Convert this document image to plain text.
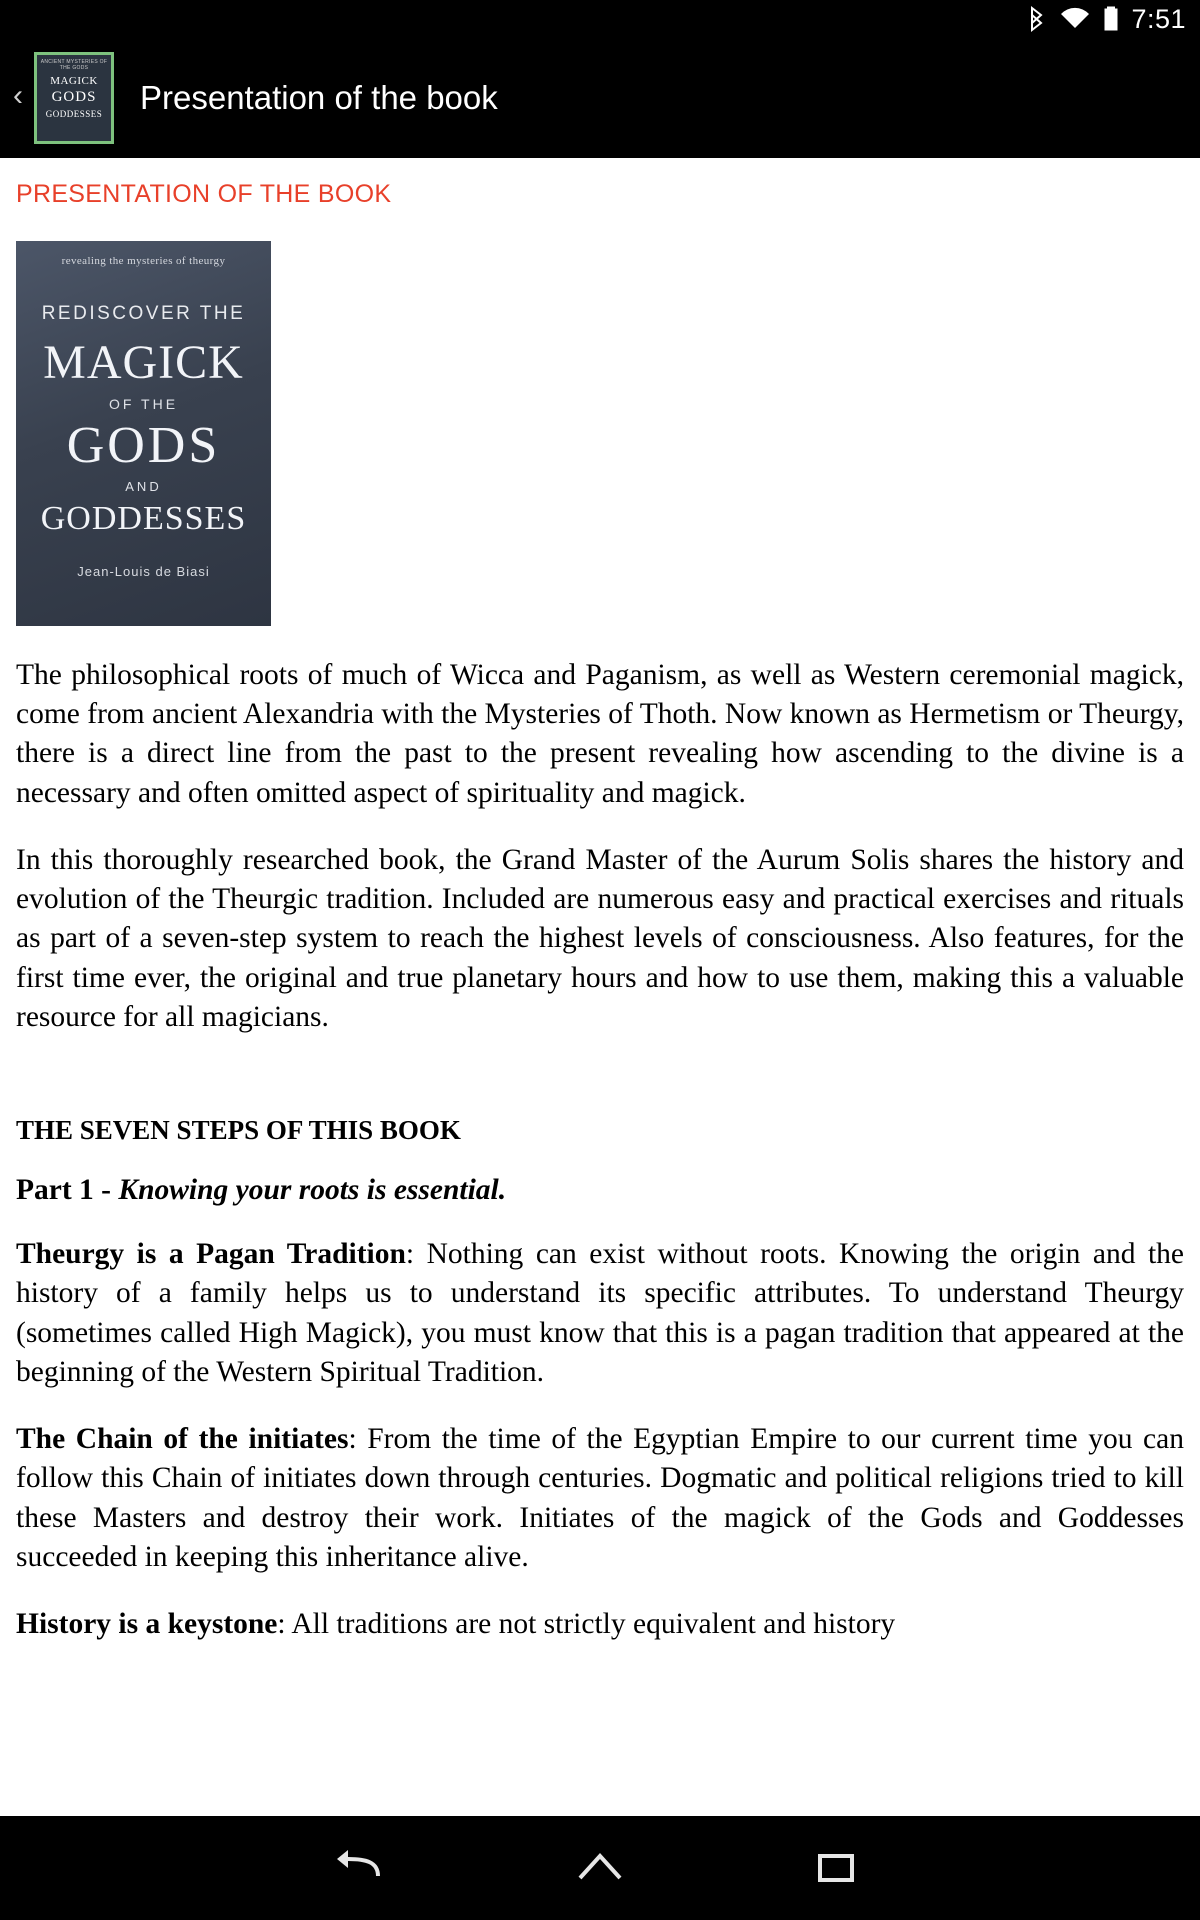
7:51
‹
ANCIENT MYSTERIES OF THE GODS
MAGICK
GODS
GODDESSES Presentation of the book
PRESENTATION OF THE BOOK
revealing the mysteries of theurgy
REDISCOVER THE
MAGICK
OF THE
GODS
AND
GODDESSES
Jean-Louis de Biasi
The philosophical roots of much of Wicca and Paganism, as well as Western ceremonial magick, come from ancient Alexandria with the Mysteries of Thoth. Now known as Hermetism or Theurgy, there is a direct line from the past to the present revealing how ascending to the divine is a necessary and often omitted aspect of spirituality and magick.
In this thoroughly researched book, the Grand Master of the Aurum Solis shares the history and evolution of the Theurgic tradition. Included are numerous easy and practical exercises and rituals as part of a seven-step system to reach the highest levels of consciousness. Also features, for the first time ever, the original and true planetary hours and how to use them, making this a valuable resource for all magicians.
THE SEVEN STEPS OF THIS BOOK
Part 1 - Knowing your roots is essential.
Theurgy is a Pagan Tradition: Nothing can exist without roots. Knowing the origin and the history of a family helps us to understand its specific attributes. To understand Theurgy (sometimes called High Magick), you must know that this is a pagan tradition that appeared at the beginning of the Western Spiritual Tradition.
The Chain of the initiates: From the time of the Egyptian Empire to our current time you can follow this Chain of initiates down through centuries. Dogmatic and political religions tried to kill these Masters and destroy their work. Initiates of the magick of the Gods and Goddesses succeeded in keeping this inheritance alive.
History is a keystone: All traditions are not strictly equivalent and history
